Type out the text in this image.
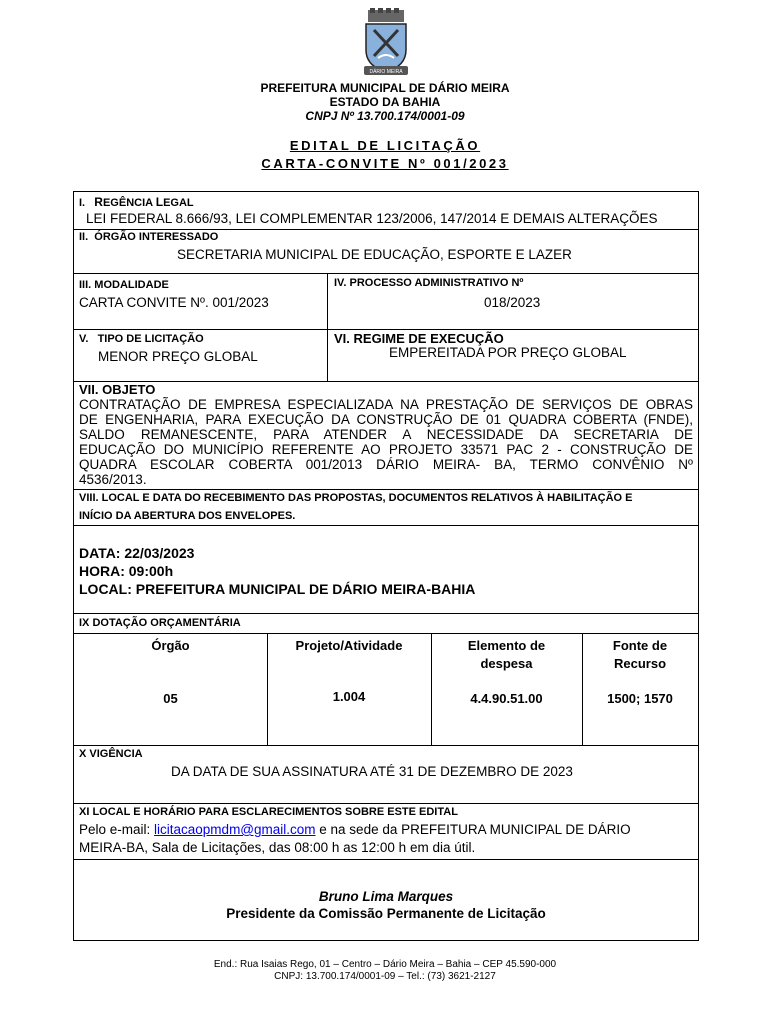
DÁRIO MEIRA
PREFEITURA MUNICIPAL DE DÁRIO MEIRA
ESTADO DA BAHIA
CNPJ Nº 13.700.174/0001-09
EDITAL DE LICITAÇÃO
CARTA-CONVITE Nº 001/2023
I. REGÊNCIA LEGAL
LEI FEDERAL 8.666/93, LEI COMPLEMENTAR 123/2006, 147/2014 E DEMAIS ALTERAÇÕES
II. ÓRGÃO INTERESSADO
SECRETARIA MUNICIPAL DE EDUCAÇÃO, ESPORTE E LAZER
III. MODALIDADE
CARTA CONVITE Nº. 001/2023
IV. PROCESSO ADMINISTRATIVO Nº
018/2023
V. TIPO DE LICITAÇÃO
MENOR PREÇO GLOBAL
VI. REGIME DE EXECUÇÃO
EMPEREITADA POR PREÇO GLOBAL
VII. OBJETO
CONTRATAÇÃO DE EMPRESA ESPECIALIZADA NA PRESTAÇÃO DE SERVIÇOS DE OBRAS
DE ENGENHARIA, PARA EXECUÇÃO DA CONSTRUÇÃO DE 01 QUADRA COBERTA (FNDE),
SALDO REMANESCENTE, PARA ATENDER A NECESSIDADE DA SECRETARIA DE
EDUCAÇÃO DO MUNICÍPIO REFERENTE AO PROJETO 33571 PAC 2 - CONSTRUÇÃO DE
QUADRA ESCOLAR COBERTA 001/2013 DÁRIO MEIRA- BA, TERMO CONVÊNIO Nº
4536/2013.
VIII. LOCAL E DATA DO RECEBIMENTO DAS PROPOSTAS, DOCUMENTOS RELATIVOS À HABILITAÇÃO E
INÍCIO DA ABERTURA DOS ENVELOPES.
DATA: 22/03/2023
HORA: 09:00h
LOCAL: PREFEITURA MUNICIPAL DE DÁRIO MEIRA-BAHIA
IX DOTAÇÃO ORÇAMENTÁRIA
Órgão
05
Projeto/Atividade
1.004
Elemento de
despesa
4.4.90.51.00
Fonte de
Recurso
1500; 1570
X VIGÊNCIA
DA DATA DE SUA ASSINATURA ATÉ 31 DE DEZEMBRO DE 2023
XI LOCAL E HORÁRIO PARA ESCLARECIMENTOS SOBRE ESTE EDITAL
Pelo e-mail: licitacaopmdm@gmail.com e na sede da PREFEITURA MUNICIPAL DE DÁRIO
MEIRA-BA, Sala de Licitações, das 08:00 h as 12:00 h em dia útil.
Bruno Lima Marques
Presidente da Comissão Permanente de Licitação
End.: Rua Isaias Rego, 01 – Centro – Dário Meira – Bahia – CEP 45.590-000
CNPJ: 13.700.174/0001-09 – Tel.: (73) 3621-2127
